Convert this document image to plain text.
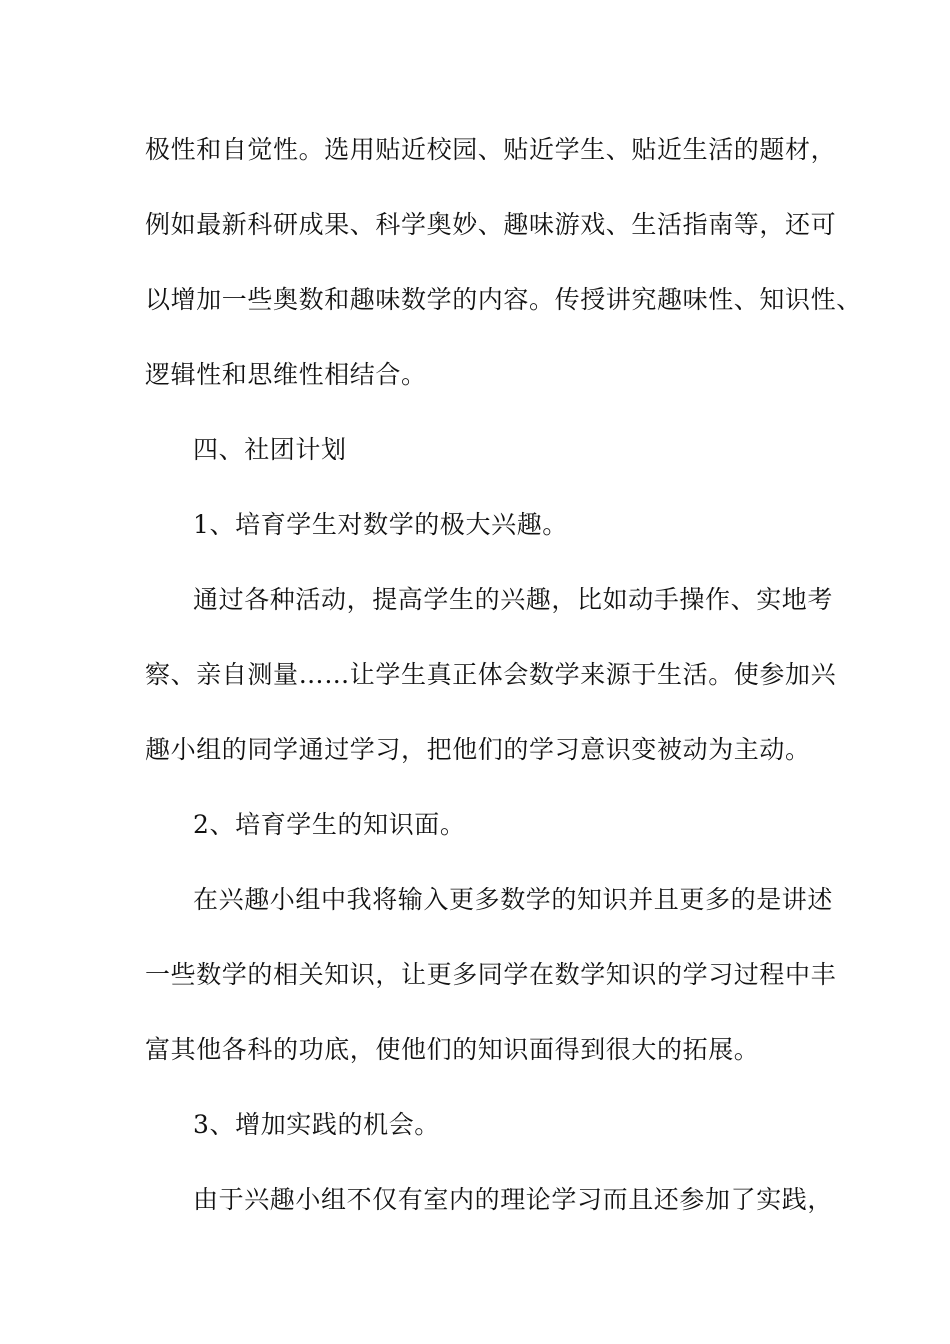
极性和自觉性。选用贴近校园、贴近学生、贴近生活的题材，
例如最新科研成果、科学奥妙、趣味游戏、生活指南等，还可
以增加一些奥数和趣味数学的内容。传授讲究趣味性、知识性、
逻辑性和思维性相结合。
四、社团计划
1、培育学生对数学的极大兴趣。
通过各种活动，提高学生的兴趣，比如动手操作、实地考
察、亲自测量……让学生真正体会数学来源于生活。使参加兴
趣小组的同学通过学习，把他们的学习意识变被动为主动。
2、培育学生的知识面。
在兴趣小组中我将输入更多数学的知识并且更多的是讲述
一些数学的相关知识，让更多同学在数学知识的学习过程中丰
富其他各科的功底，使他们的知识面得到很大的拓展。
3、增加实践的机会。
由于兴趣小组不仅有室内的理论学习而且还参加了实践，
